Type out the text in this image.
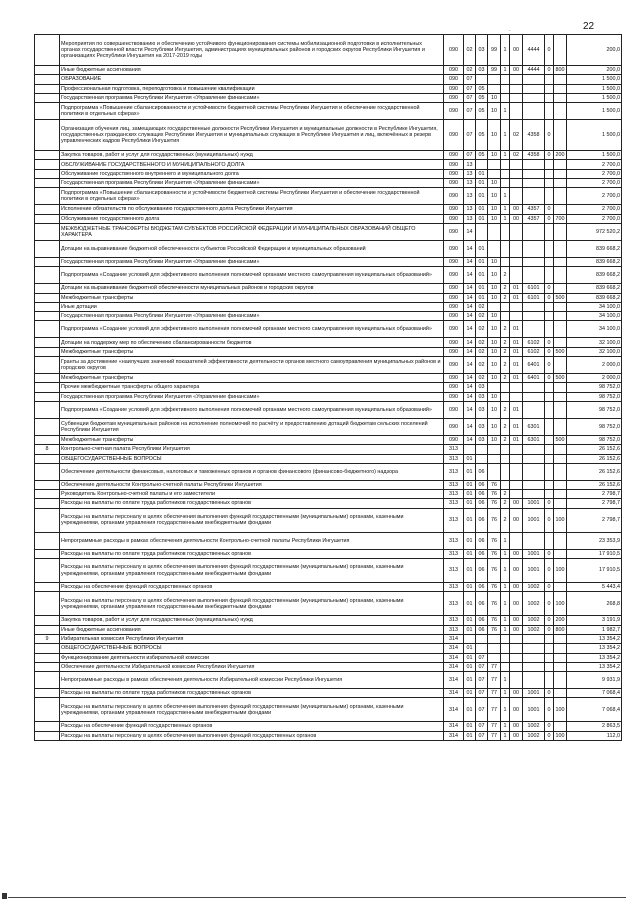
.	22
	Мероприятия по совершенствованию и обеспечению устойчивого функционирования системы мобилизационной подготовки в исполнительных органах государственной власти Республики Ингушетия, администрациях муниципальных районов и городских округов Республики Ингушетия и организациях Республики Ингушетия на 2017-2019 годы	090	02	03	99	1	00	4444	0		200,0
	Иные бюджетные ассигнования	090	02	03	99	1	00	4444	0	800	200,0
	ОБРАЗОВАНИЕ	090	07								1 500,0
	Профессиональная подготовка, переподготовка и повышение квалификации	090	07	05							1 500,0
	Государственная программа Республики Ингушетия «Управление финансами»	090	07	05	10						1 500,0
	Подпрограмма «Повышение сбалансированности и устойчивости бюджетной системы Республики Ингушетия и обеспечение государственной политики в отдельных сферах»	090	07	05	10	1					1 500,0
	Организация обучения лиц, замещающих государственные должности Республики Ингушетия и муниципальные должности в Республике Ингушетия, государственных гражданских служащих Республики Ингушетия и муниципальных служащих в Республике Ингушетия и лиц, включённых в резерв управленческих кадров Республики Ингушетия	090	07	05	10	1	02	4358	0		1 500,0
	Закупка товаров, работ и услуг для государственных (муниципальных) нужд	090	07	05	10	1	02	4358	0	200	1 500,0
	ОБСЛУЖИВАНИЕ ГОСУДАРСТВЕННОГО И МУНИЦИПАЛЬНОГО ДОЛГА	090	13								2 700,0
	Обслуживание государственного внутреннего и муниципального долга	090	13	01							2 700,0
	Государственная программа Республики Ингушетия «Управление финансами»	090	13	01	10						2 700,0
	Подпрограмма «Повышение сбалансированности и устойчивости бюджетной системы Республики Ингушетия и обеспечение государственной политики в отдельных сферах»	090	13	01	10	1					2 700,0
	Исполнение обязательств по обслуживанию государственного долга Республики Ингушетия	090	13	01	10	1	00	4357	0		2 700,0
	Обслуживание государственного долга	090	13	01	10	1	00	4357	0	700	2 700,0
	МЕЖБЮДЖЕТНЫЕ ТРАНСФЕРТЫ БЮДЖЕТАМ СУБЪЕКТОВ РОССИЙСКОЙ ФЕДЕРАЦИИ И МУНИЦИПАЛЬНЫХ ОБРАЗОВАНИЙ ОБЩЕГО ХАРАКТЕРА	090	14								972 520,2
	Дотации на выравнивание бюджетной обеспеченности субъектов Российской Федерации и муниципальных образований	090	14	01							839 668,2
	Государственная программа Республики Ингушетия «Управление финансами»	090	14	01	10						839 668,2
	Подпрограмма «Создание условий для эффективного выполнения полномочий органами местного самоуправления муниципальных образований»	090	14	01	10	2					839 668,2
	Дотации на выравнивание бюджетной обеспеченности муниципальных районов и городских округов	090	14	01	10	2	01	6101	0		839 668,2
	Межбюджетные трансферты	090	14	01	10	2	01	6101	0	500	839 668,2
	Иные дотации	090	14	02							34 100,0
	Государственная программа Республики Ингушетия «Управление финансами»	090	14	02	10						34 100,0
	Подпрограмма «Создание условий для эффективного выполнения полномочий органами местного самоуправления муниципальных образований»	090	14	02	10	2	01				34 100,0
	Дотации на поддержку мер по обеспечению сбалансированности бюджетов	090	14	02	10	2	01	6102	0		32 100,0
	Межбюджетные трансферты	090	14	02	10	2	01	6102	0	500	32 100,0
	Гранты за достижение «наилучших значений показателей эффективности деятельности органов местного самоуправления муниципальных районов и городских округов	090	14	02	10	2	01	6401	0		2 000,0
	Межбюджетные трансферты	090	14	02	10	2	01	6401	0	500	2 000,0
	Прочие межбюджетные трансферты общего характера	090	14	03							98 752,0
	Государственная программа Республики Ингушетия «Управление финансами»	090	14	03	10						98 752,0
	Подпрограмма «Создание условий для эффективного выполнения полномочий органами местного самоуправления муниципальных образований»	090	14	03	10	2	01				98 752,0
	Субвенции бюджетам муниципальных районов на исполнение полномочий по расчёту и предоставлению дотаций бюджетам сельских поселений Республики Ингушетия	090	14	03	10	2	01	6301			98 752,0
	Межбюджетные трансферты	090	14	03	10	2	01	6301		500	98 752,0
8	Контрольно-счетная палата Республики Ингушетия	313									26 152,6
	ОБЩЕГОСУДАРСТВЕННЫЕ ВОПРОСЫ	313	01								26 152,6
	Обеспечение деятельности финансовых, налоговых и таможенных органов и органов финансового (финансово-бюджетного) надзора	313	01	06							26 152,6
	Обеспечение деятельности Контрольно-счетной палаты Республики Ингушетия	313	01	06	76						26 152,6
	Руководитель Контрольно-счетной палаты и его заместители	313	01	06	76	2					2 798,7
	Расходы на выплаты по оплате труда работников государственных органов	313	01	06	76	2	00	1001	0		2 798,7
	Расходы на выплаты персоналу в целях обеспечения выполнения функций государственными (муниципальными) органами, казенными учреждениями, органами управления государственными внебюджетными фондами	313	01	06	76	2	00	1001	0	100	2 798,7
	Непрограммные расходы в рамках обеспечения деятельности Контрольно-счетной палаты Республики Ингушетия	313	01	06	76	1					23 353,9
	Расходы на выплаты по оплате труда работников государственных органов	313	01	06	76	1	00	1001	0		17 910,5
	Расходы на выплаты персоналу в целях обеспечения выполнения функций государственными (муниципальными) органами, казенными учреждениями, органами управления государственными внебюджетными фондами	313	01	06	76	1	00	1001	0	100	17 910,5
	Расходы на обеспечение функций государственных органов	313	01	06	76	1	00	1002	0		5 443,4
	Расходы на выплаты персоналу в целях обеспечения выполнения функций государственными (муниципальными) органами, казенными учреждениями, органами управления государственными внебюджетными фондами	313	01	06	76	1	00	1002	0	100	268,8
	Закупка товаров, работ и услуг для государственных (муниципальных) нужд	313	01	06	76	1	00	1002	0	200	3 191,9
	Иные бюджетные ассигнования	313	01	06	76	1	00	1002	0	800	1 982,7
9	Избирательная комиссия Республики Ингушетия	314									13 354,2
	ОБЩЕГОСУДАРСТВЕННЫЕ ВОПРОСЫ	314	01								13 354,2
	Функционирование деятельности избирательной комиссии	314	01	07							13 354,2
	Обеспечение деятельности Избирательной комиссии Республики Ингушетия	314	01	07	77						13 354,2
	Непрограммные расходы в рамках обеспечения деятельности Избирательной комиссии Республики Ингушетия	314	01	07	77	1					9 931,9
	Расходы на выплаты по оплате труда работников государственных органов	314	01	07	77	1	00	1001	0		7 068,4
	Расходы на выплаты персоналу в целях обеспечения выполнения функций государственными (муниципальными) органами, казенными учреждениями, органами управления государственными внебюджетными фондами	314	01	07	77	1	00	1001	0	100	7 068,4
	Расходы на обеспечение функций государственных органов	314	01	07	77	1	00	1002	0		2 863,5
	Расходы на выплаты персоналу в целях обеспечения выполнения функций государственных органов	314	01	07	77	1	00	1002	0	100	112,0
